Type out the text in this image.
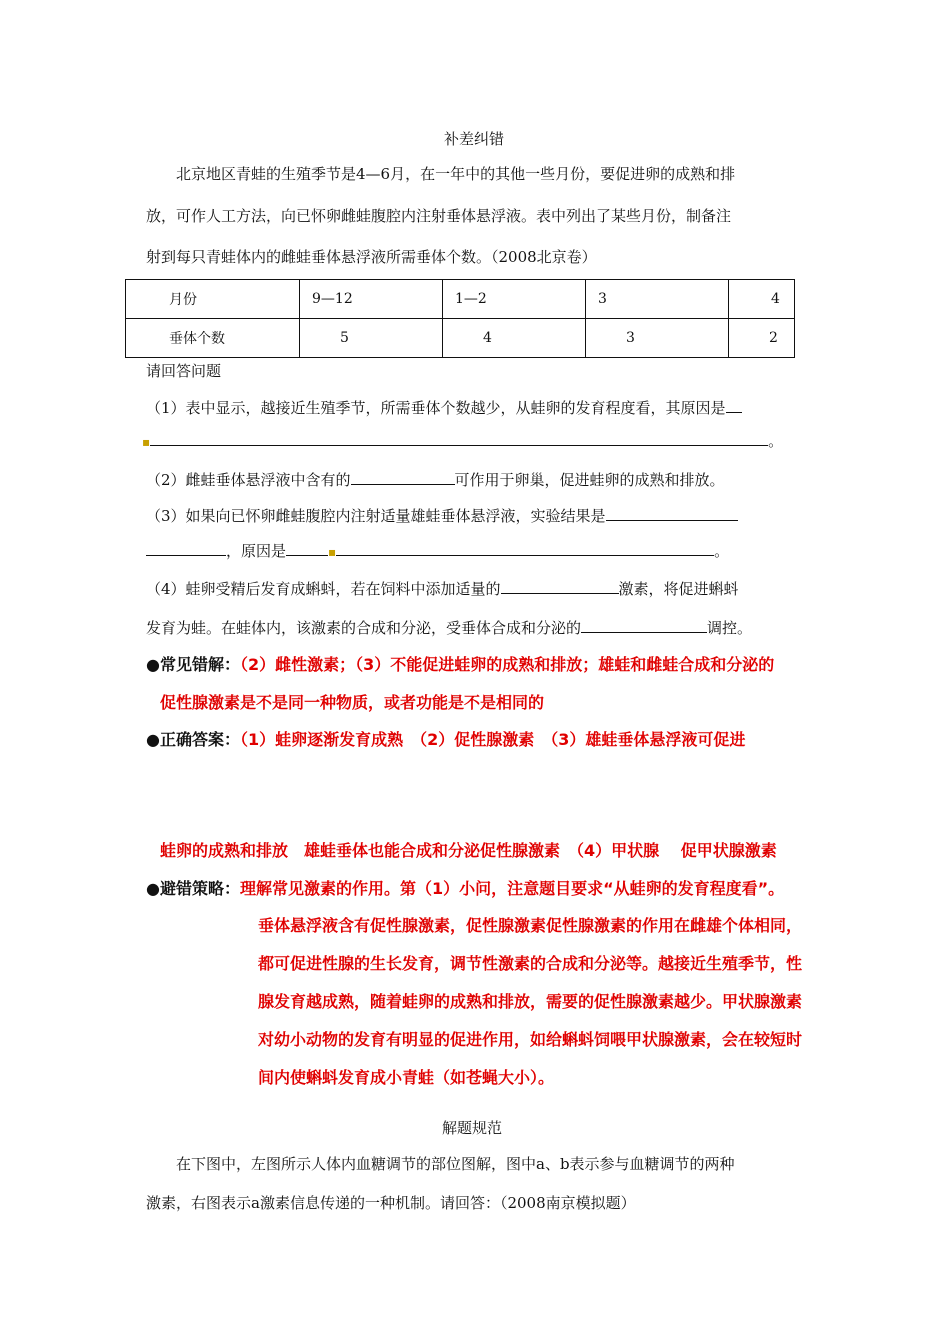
补差纠错
北京地区青蛙的生殖季节是4—6月，在一年中的其他一些月份，要促进卵的成熟和排
放，可作人工方法，向已怀卵雌蛙腹腔内注射垂体悬浮液。表中列出了某些月份，制备注
射到每只青蛙体内的雌蛙垂体悬浮液所需垂体个数。（2008北京卷）
月份	9—12	1—2	3	4
垂体个数	5	4	3	2
请回答问题
（1）表中显示，越接近生殖季节，所需垂体个数越少，从蛙卵的发育程度看，其原因是
▪	。
（2）雌蛙垂体悬浮液中含有的	可作用于卵巢，促进蛙卵的成熟和排放。
（3）如果向已怀卵雌蛙腹腔内注射适量雄蛙垂体悬浮液，实验结果是
，原因是	▪	。
（4）蛙卵受精后发育成蝌蚪，若在饲料中添加适量的	激素，将促进蝌蚪
发育为蛙。在蛙体内，该激素的合成和分泌，受垂体合成和分泌的	调控。
●常见错解：（2）雌性激素；（3）不能促进蛙卵的成熟和排放；雄蛙和雌蛙合成和分泌的
促性腺激素是不是同一种物质，或者功能是不是相同的
●正确答案：（1）蛙卵逐渐发育成熟　（2）促性腺激素　（3）雄蛙垂体悬浮液可促进
蛙卵的成熟和排放　雄蛙垂体也能合成和分泌促性腺激素　（4）甲状腺　 促甲状腺激素
●避错策略：理解常见激素的作用。第（1）小问，注意题目要求“从蛙卵的发育程度看”。
垂体悬浮液含有促性腺激素，促性腺激素促性腺激素的作用在雌雄个体相同，
都可促进性腺的生长发育，调节性激素的合成和分泌等。越接近生殖季节，性
腺发育越成熟，随着蛙卵的成熟和排放，需要的促性腺激素越少。甲状腺激素
对幼小动物的发育有明显的促进作用，如给蝌蚪饲喂甲状腺激素，会在较短时
间内使蝌蚪发育成小青蛙（如苍蝇大小）。
解题规范
在下图中，左图所示人体内血糖调节的部位图解，图中a、b表示参与血糖调节的两种
激素，右图表示a激素信息传递的一种机制。请回答：（2008南京模拟题）
